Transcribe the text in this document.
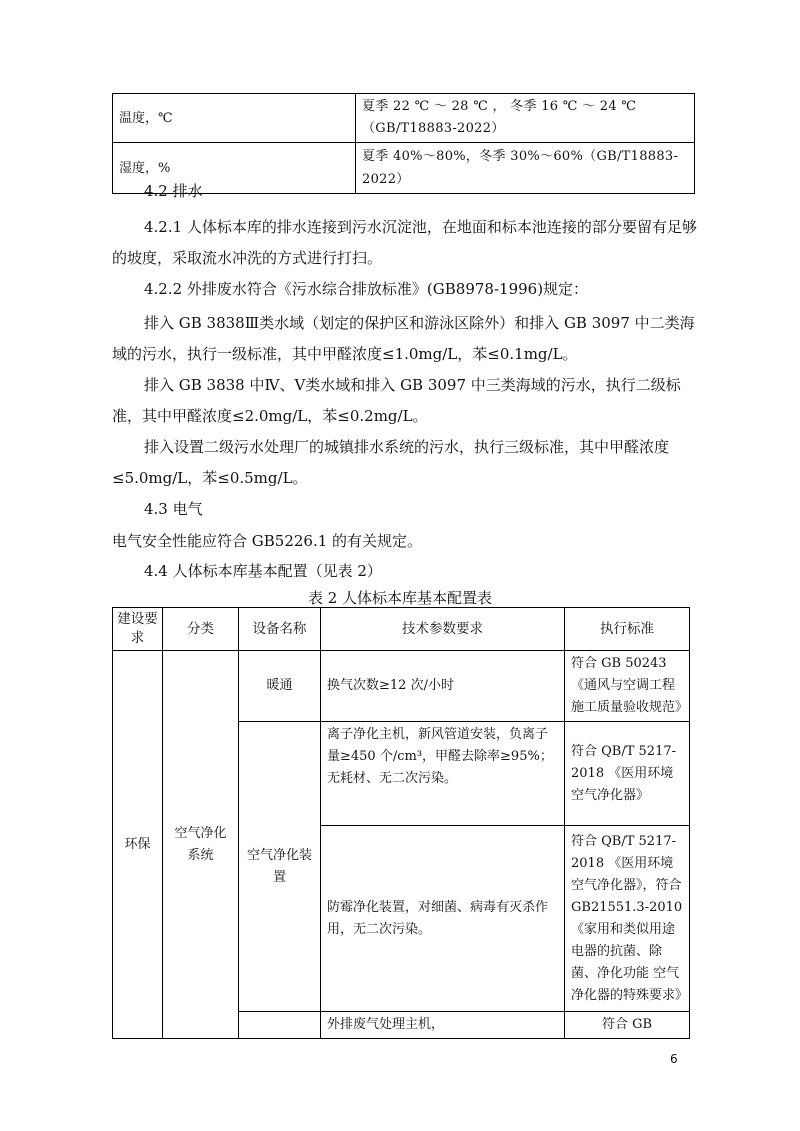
温度，℃	夏季 22 ℃ ～ 28 ℃ ， 冬季 16 ℃ ～ 24 ℃
（GB/T18883-2022）

湿度，%	夏季 40%～80%，冬季 30%～60%（GB/T18883-2022）

4.2 排水

4.2.1 人体标本库的排水连接到污水沉淀池，在地面和标本池连接的部分要留有足够的坡度，采取流水冲洗的方式进行打扫。

4.2.2 外排废水符合《污水综合排放标准》(GB8978-1996)规定：

排入 GB 3838Ⅲ类水域（划定的保护区和游泳区除外）和排入 GB 3097 中二类海域的污水，执行一级标准，其中甲醛浓度≤1.0mg/L，苯≤0.1mg/L。

排入 GB 3838 中Ⅳ、Ⅴ类水域和排入 GB 3097 中三类海域的污水，执行二级标准，其中甲醛浓度≤2.0mg/L，苯≤0.2mg/L。

排入设置二级污水处理厂的城镇排水系统的污水，执行三级标准，其中甲醛浓度≤5.0mg/L，苯≤0.5mg/L。

4.3 电气

电气安全性能应符合 GB5226.1 的有关规定。

4.4 人体标本库基本配置（见表 2）

表 2 人体标本库基本配置表

建设要求	分类	设备名称	技术参数要求	执行标准
环保	空气净化系统	暖通	换气次数≥12 次/小时	符合 GB 50243《通风与空调工程施工质量验收规范》
		空气净化装置	离子净化主机，新风管道安装，负离子量≥450 个/cm³，甲醛去除率≥95%；无耗材、无二次污染。	符合 QB/T 5217-2018 《医用环境空气净化器》
			防霉净化装置，对细菌、病毒有灭杀作用，无二次污染。	符合 QB/T 5217-2018 《医用环境空气净化器》，符合 GB21551.3-2010《家用和类似用途电器的抗菌、除菌、净化功能 空气净化器的特殊要求》
			外排废气处理主机，	符合 GB
6
